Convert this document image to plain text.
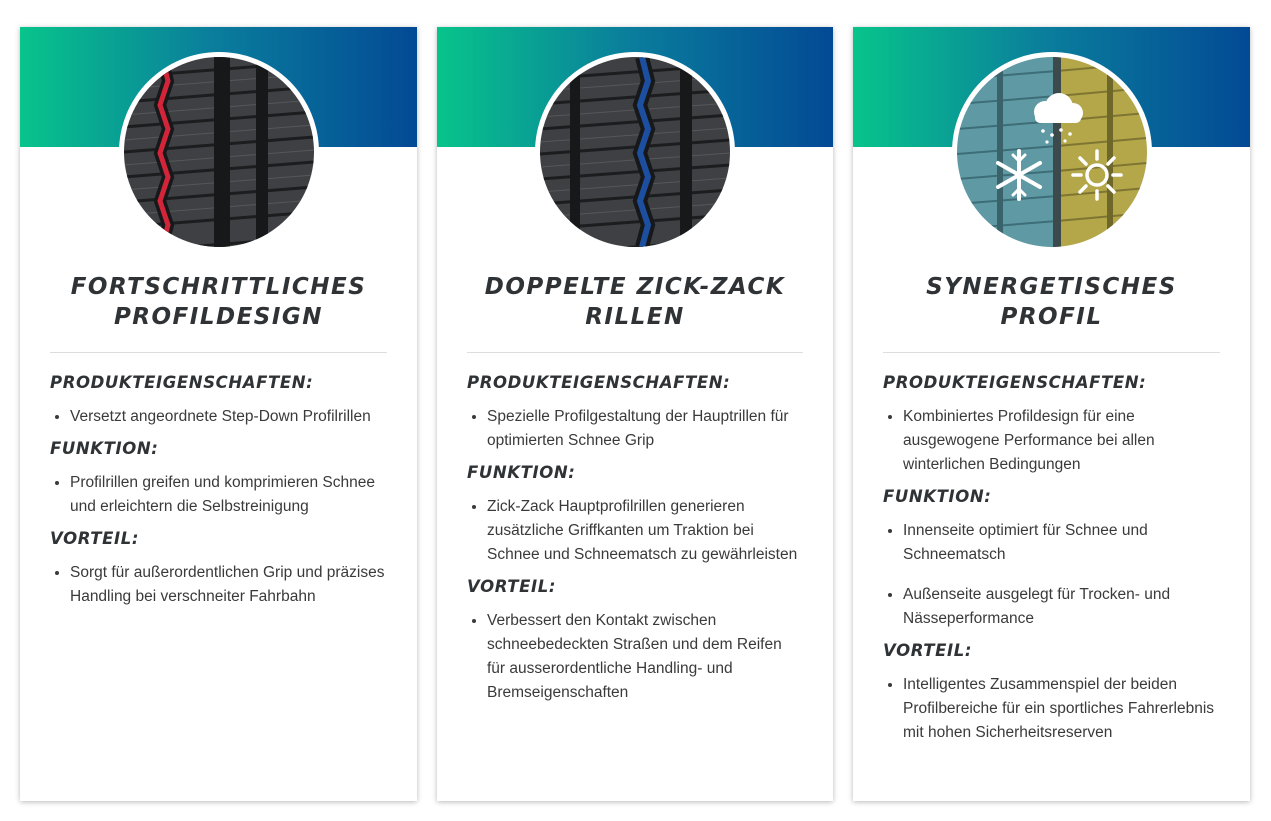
FORTSCHRITTLICHES
PROFILDESIGN
PRODUKTEIGENSCHAFTEN:
• Versetzt angeordnete Step-Down Profilrillen
FUNKTION:
• Profilrillen greifen und komprimieren Schnee und erleichtern die Selbstreinigung
VORTEIL:
• Sorgt für außerordentlichen Grip und präzises Handling bei verschneiter Fahrbahn
DOPPELTE ZICK-ZACK
RILLEN
PRODUKTEIGENSCHAFTEN:
• Spezielle Profilgestaltung der Hauptrillen für optimierten Schnee Grip
FUNKTION:
• Zick-Zack Hauptprofilrillen generieren zusätzliche Griffkanten um Traktion bei Schnee und Schneematsch zu gewährleisten
VORTEIL:
• Verbessert den Kontakt zwischen schneebedeckten Straßen und dem Reifen für ausserordentliche Handling- und Bremseigenschaften
SYNERGETISCHES
PROFIL
PRODUKTEIGENSCHAFTEN:
• Kombiniertes Profildesign für eine ausgewogene Performance bei allen winterlichen Bedingungen
FUNKTION:
• Innenseite optimiert für Schnee und Schneematsch
• Außenseite ausgelegt für Trocken- und Nässeperformance
VORTEIL:
• Intelligentes Zusammenspiel der beiden Profilbereiche für ein sportliches Fahrerlebnis mit hohen Sicherheitsreserven
